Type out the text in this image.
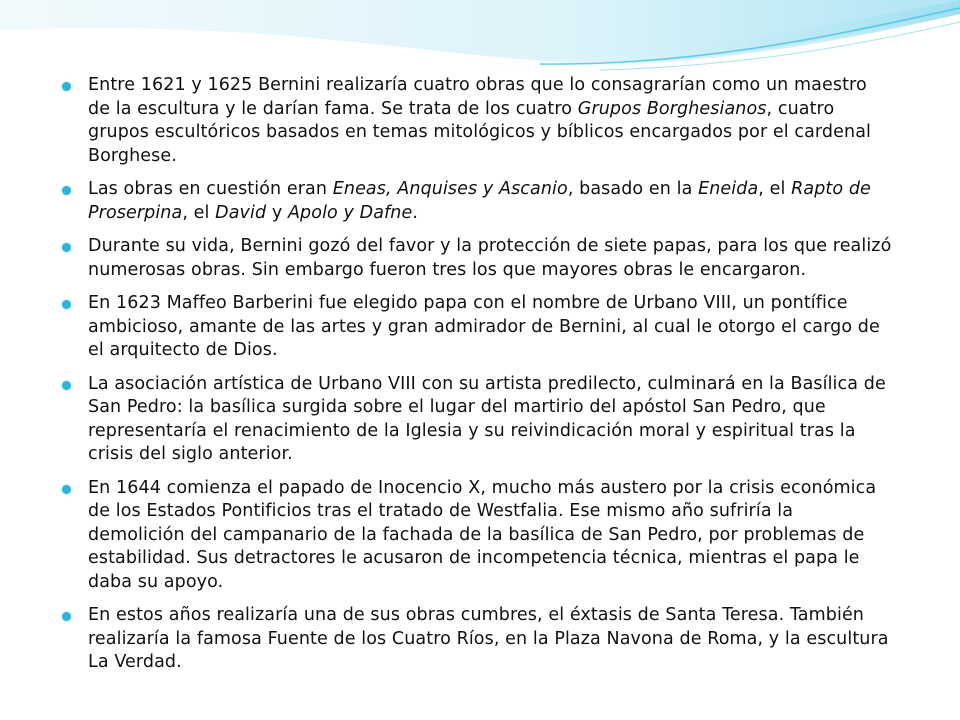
Entre 1621 y 1625 Bernini realizaría cuatro obras que lo consagrarían como un maestro de la escultura y le darían fama. Se trata de los cuatro Grupos Borghesianos, cuatro grupos escultóricos basados en temas mitológicos y bíblicos encargados por el cardenal Borghese.
Las obras en cuestión eran Eneas, Anquises y Ascanio, basado en la Eneida, el Rapto de Proserpina, el David y Apolo y Dafne.
Durante su vida, Bernini gozó del favor y la protección de siete papas, para los que realizó numerosas obras. Sin embargo fueron tres los que mayores obras le encargaron.
En 1623 Maffeo Barberini fue elegido papa con el nombre de Urbano VIII, un pontífice ambicioso, amante de las artes y gran admirador de Bernini, al cual le otorgo el cargo de el arquitecto de Dios.
La asociación artística de Urbano VIII con su artista predilecto, culminará en la Basílica de San Pedro: la basílica surgida sobre el lugar del martirio del apóstol San Pedro, que representaría el renacimiento de la Iglesia y su reivindicación moral y espiritual tras la crisis del siglo anterior.
En 1644 comienza el papado de Inocencio X, mucho más austero por la crisis económica de los Estados Pontificios tras el tratado de Westfalia. Ese mismo año sufriría la demolición del campanario de la fachada de la basílica de San Pedro, por problemas de estabilidad. Sus detractores le acusaron de incompetencia técnica, mientras el papa le daba su apoyo.
En estos años realizaría una de sus obras cumbres, el éxtasis de Santa Teresa. También realizaría la famosa Fuente de los Cuatro Ríos, en la Plaza Navona de Roma, y la escultura La Verdad.
